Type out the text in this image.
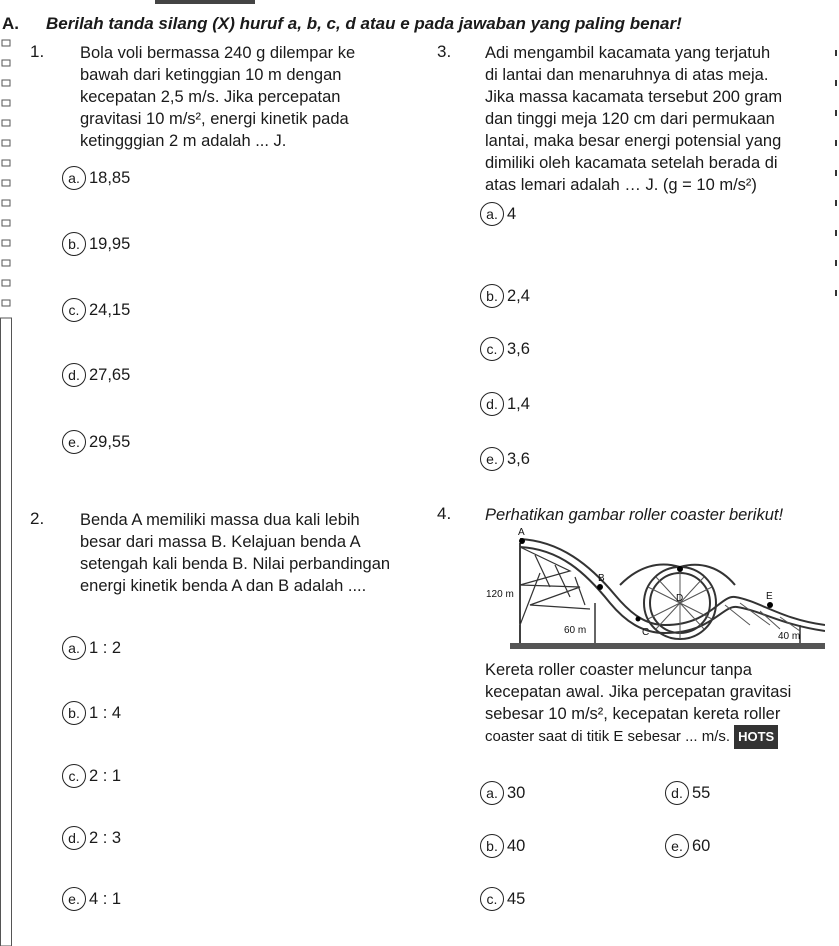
A. Berilah tanda silang (X) huruf a, b, c, d atau e pada jawaban yang paling benar!
1. Bola voli bermassa 240 g dilempar ke
bawah dari ketinggian 10 m dengan
kecepatan 2,5 m/s. Jika percepatan
gravitasi 10 m/s², energi kinetik pada
ketingggian 2 m adalah ... J.
a. 18,85
b. 19,95
c. 24,15
d. 27,65
e. 29,55
2. Benda A memiliki massa dua kali lebih
besar dari massa B. Kelajuan benda A
setengah kali benda B. Nilai perbandingan
energi kinetik benda A dan B adalah ....
a. 1 : 2
b. 1 : 4
c. 2 : 1
d. 2 : 3
e. 4 : 1
3. Adi mengambil kacamata yang terjatuh
di lantai dan menaruhnya di atas meja.
Jika massa kacamata tersebut 200 gram
dan tinggi meja 120 cm dari permukaan
lantai, maka besar energi potensial yang
dimiliki oleh kacamata setelah berada di
atas lemari adalah … J. (g = 10 m/s²)
a. 4
b. 2,4
c. 3,6
d. 1,4
e. 3,6
4. Perhatikan gambar roller coaster berikut!
A
B
D
C
E
120 m
60 m
40 m
Kereta roller coaster meluncur tanpa
kecepatan awal. Jika percepatan gravitasi
sebesar 10 m/s², kecepatan kereta roller
coaster saat di titik E sebesar ... m/s. HOTS
a. 30
b. 40
c. 45
d. 55
e. 60
